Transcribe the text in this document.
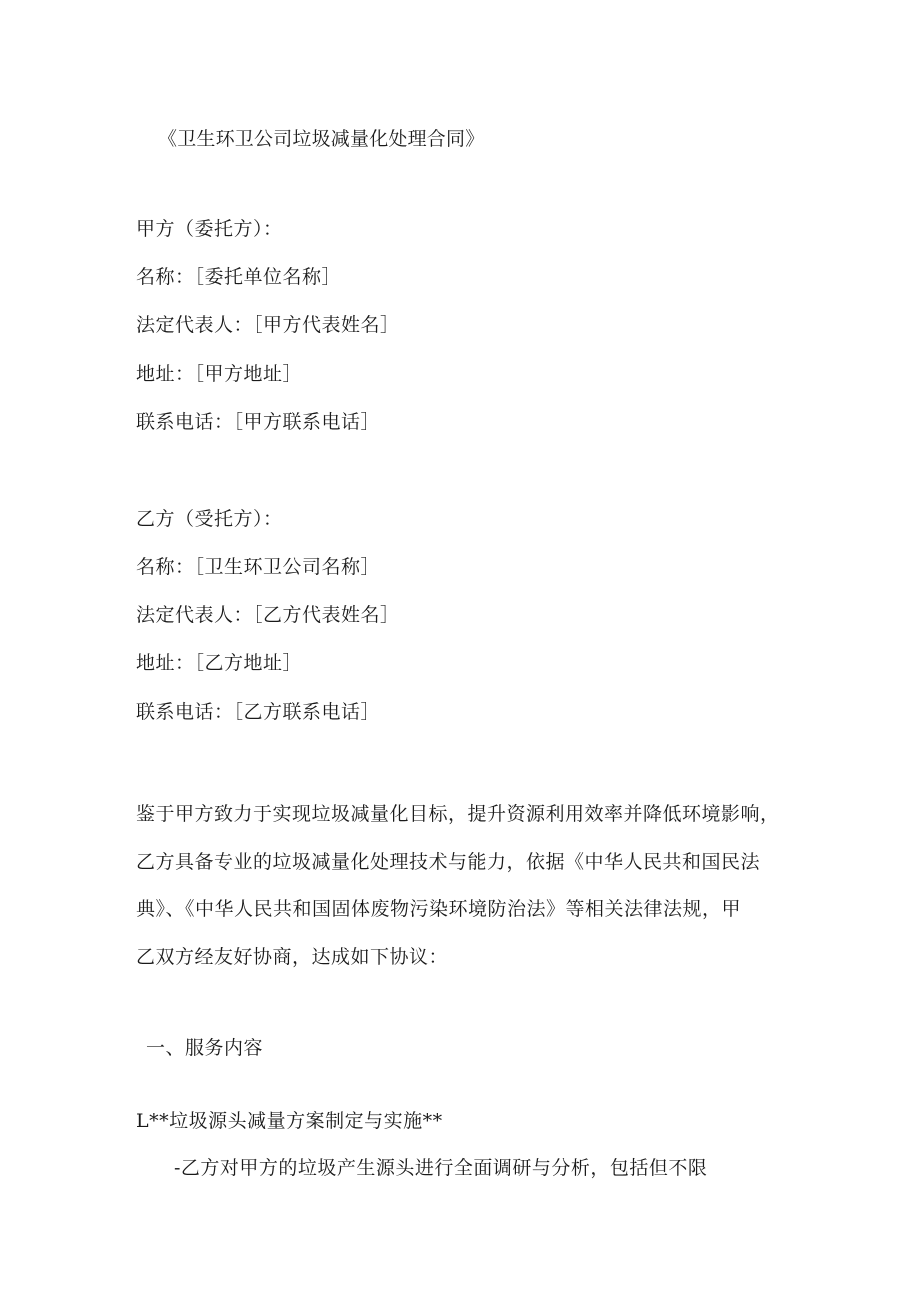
《卫生环卫公司垃圾减量化处理合同》
甲方（委托方）：
名称：［委托单位名称］
法定代表人：［甲方代表姓名］
地址：［甲方地址］
联系电话：［甲方联系电话］
乙方（受托方）：
名称：［卫生环卫公司名称］
法定代表人：［乙方代表姓名］
地址：［乙方地址］
联系电话：［乙方联系电话］
鉴于甲方致力于实现垃圾减量化目标，提升资源利用效率并降低环境影响，
乙方具备专业的垃圾减量化处理技术与能力，依据《中华人民共和国民法
典》、《中华人民共和国固体废物污染环境防治法》等相关法律法规，甲
乙双方经友好协商，达成如下协议：
一、服务内容
L**垃圾源头减量方案制定与实施**
-乙方对甲方的垃圾产生源头进行全面调研与分析，包括但不限
